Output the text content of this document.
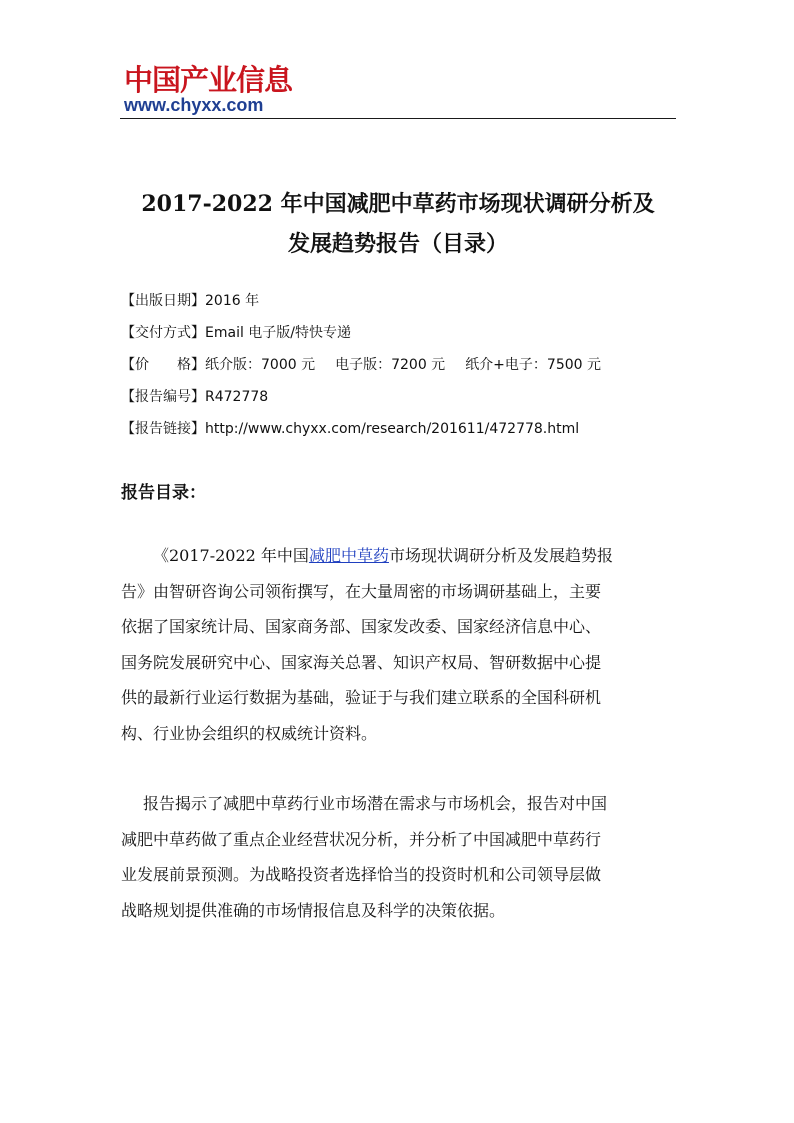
中国产业信息
www.chyxx.com
2017-2022 年中国减肥中草药市场现状调研分析及
发展趋势报告（目录）
【出版日期】2016 年
【交付方式】Email 电子版/特快专递
【价　　格】纸介版：7000 元 电子版：7200 元 纸介+电子：7500 元
【报告编号】R472778
【报告链接】http://www.chyxx.com/research/201611/472778.html
报告目录：
《2017-2022 年中国减肥中草药市场现状调研分析及发展趋势报
告》由智研咨询公司领衔撰写，在大量周密的市场调研基础上，主要
依据了国家统计局、国家商务部、国家发改委、国家经济信息中心、
国务院发展研究中心、国家海关总署、知识产权局、智研数据中心提
供的最新行业运行数据为基础，验证于与我们建立联系的全国科研机
构、行业协会组织的权威统计资料。
报告揭示了减肥中草药行业市场潜在需求与市场机会，报告对中国
减肥中草药做了重点企业经营状况分析，并分析了中国减肥中草药行
业发展前景预测。为战略投资者选择恰当的投资时机和公司领导层做
战略规划提供准确的市场情报信息及科学的决策依据。
